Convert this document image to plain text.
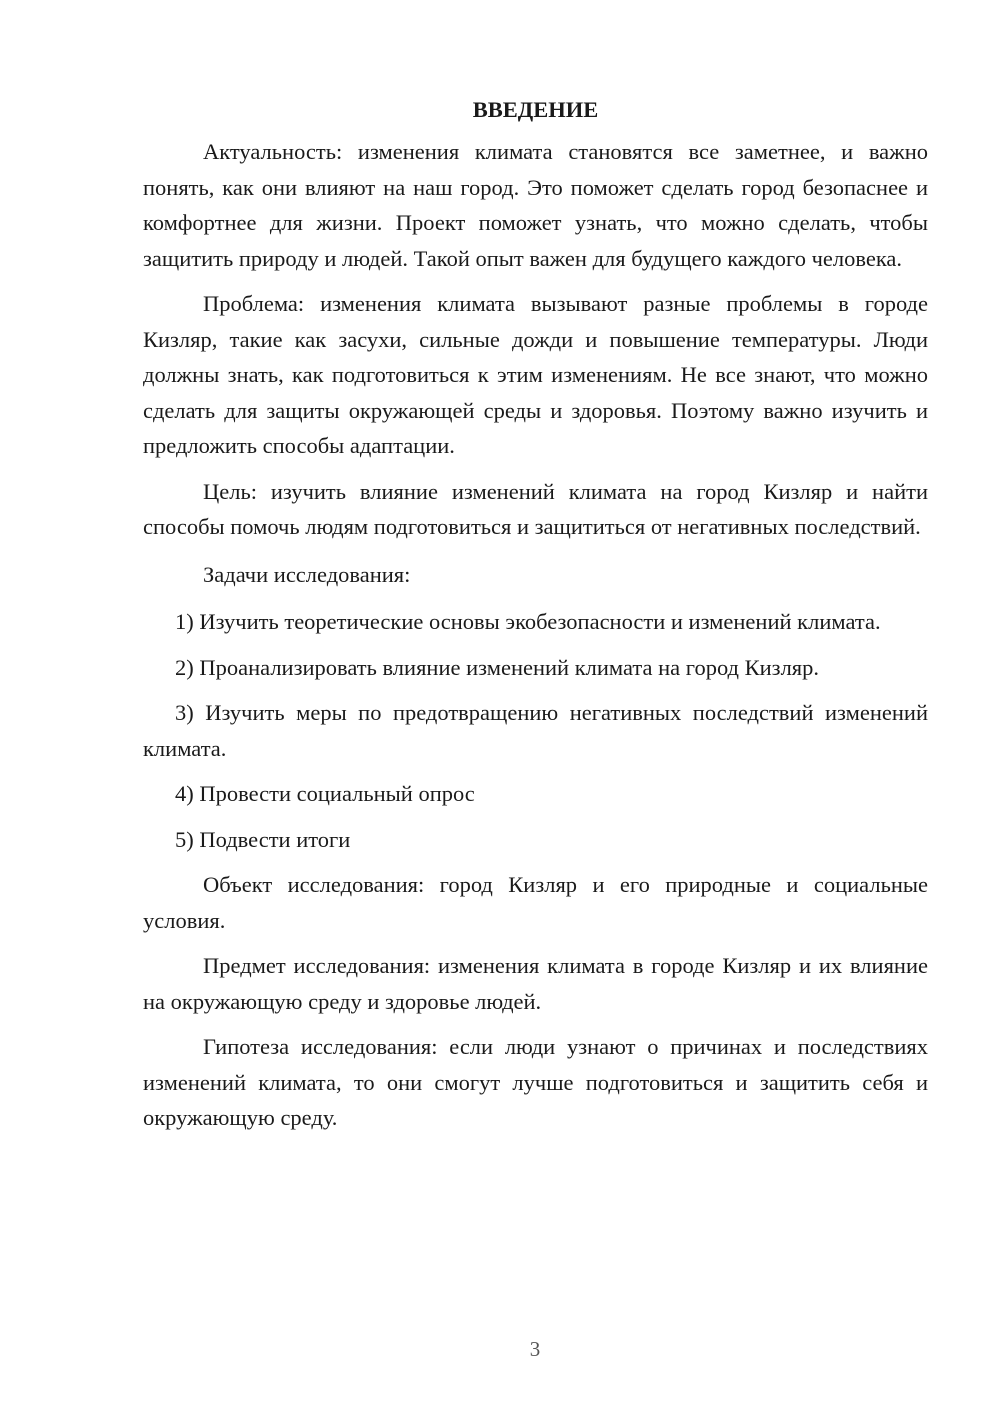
ВВЕДЕНИЕ

Актуальность: изменения климата становятся все заметнее, и важно понять, как они влияют на наш город. Это поможет сделать город безопаснее и комфортнее для жизни. Проект поможет узнать, что можно сделать, чтобы защитить природу и людей. Такой опыт важен для будущего каждого человека.

Проблема: изменения климата вызывают разные проблемы в городе Кизляр, такие как засухи, сильные дожди и повышение температуры. Люди должны знать, как подготовиться к этим изменениям. Не все знают, что можно сделать для защиты окружающей среды и здоровья. Поэтому важно изучить и предложить способы адаптации.

Цель: изучить влияние изменений климата на город Кизляр и найти способы помочь людям подготовиться и защититься от негативных последствий.

Задачи исследования:

1) Изучить теоретические основы экобезопасности и изменений климата.

2) Проанализировать влияние изменений климата на город Кизляр.

3) Изучить меры по предотвращению негативных последствий изменений климата.

4) Провести социальный опрос

5) Подвести итоги

Объект исследования: город Кизляр и его природные и социальные условия.

Предмет исследования: изменения климата в городе Кизляр и их влияние на окружающую среду и здоровье людей.

Гипотеза исследования: если люди узнают о причинах и последствиях изменений климата, то они смогут лучше подготовиться и защитить себя и окружающую среду.

3
